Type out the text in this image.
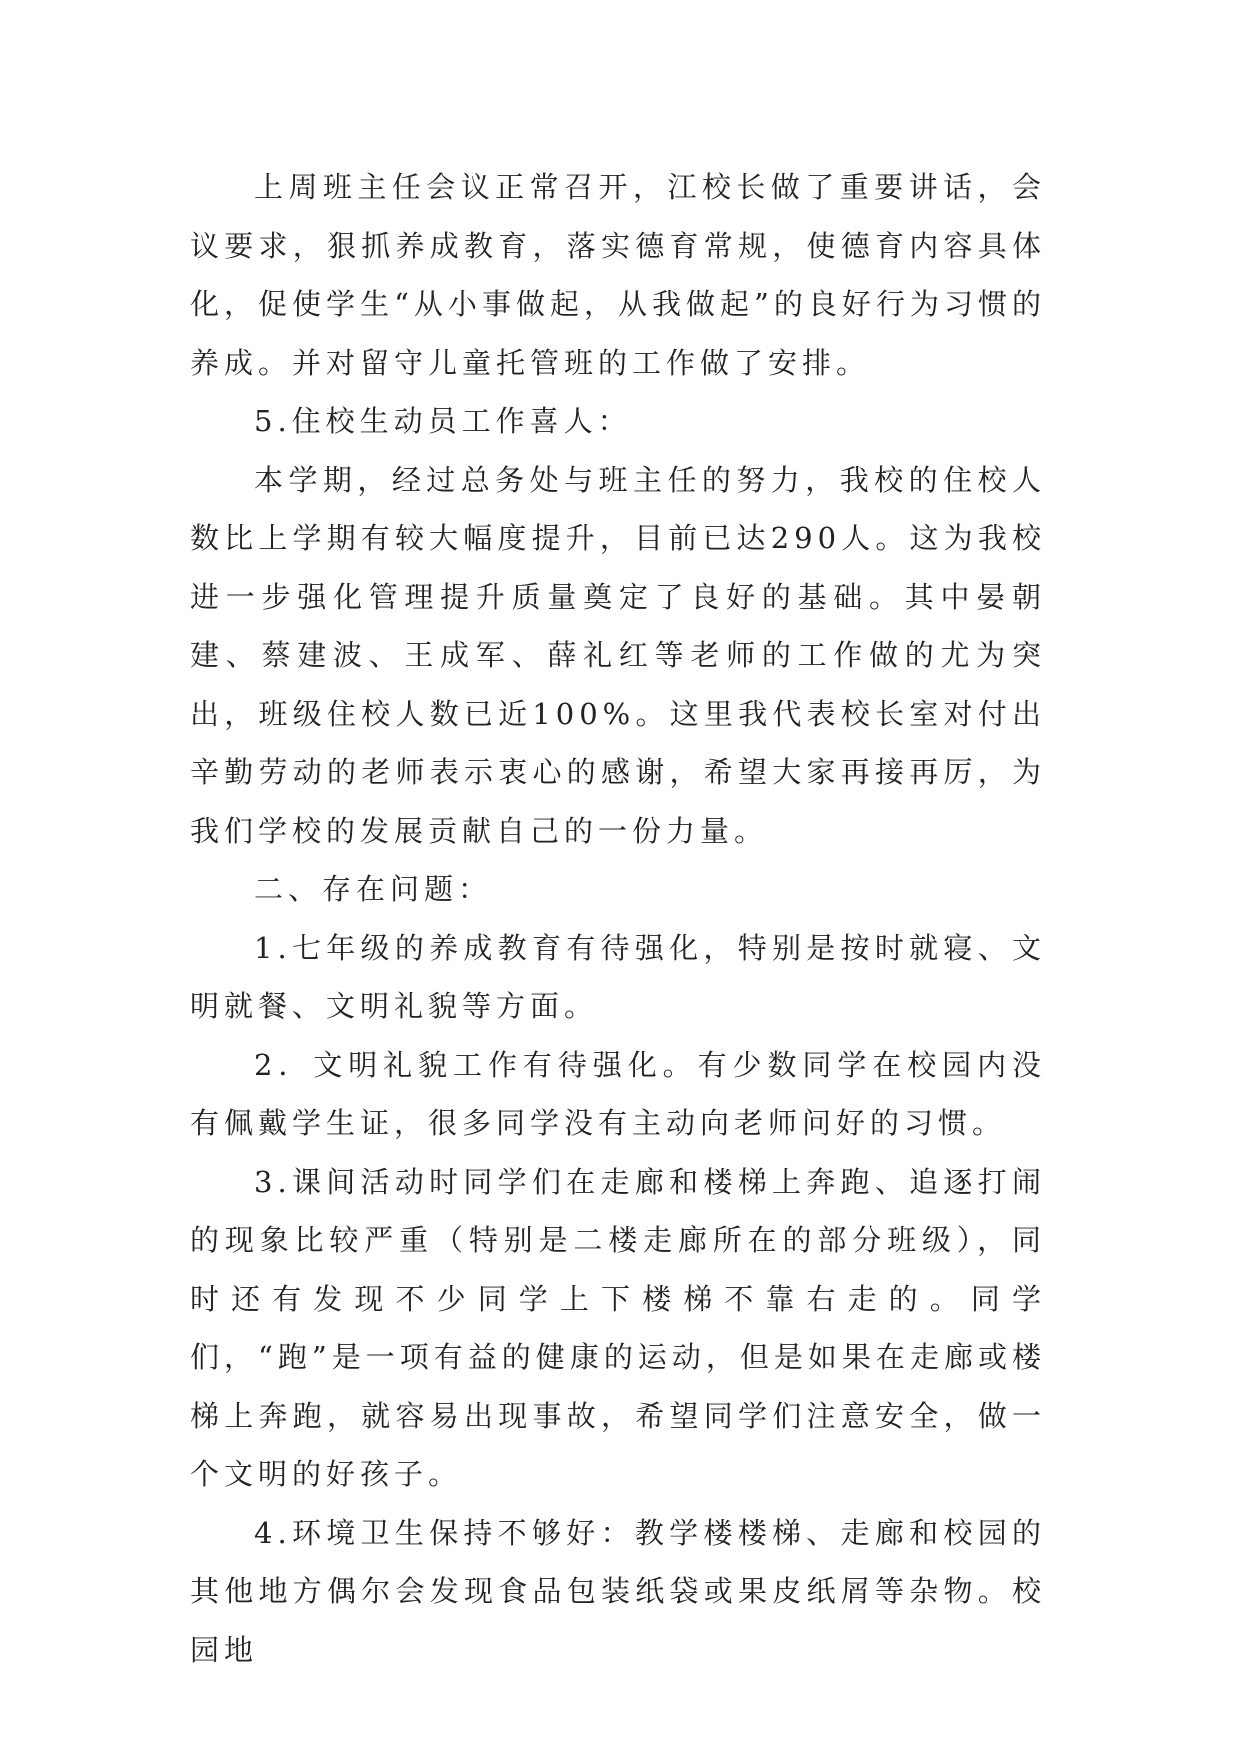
上周班主任会议正常召开，江校长做了重要讲话，会议要求，狠抓养成教育，落实德育常规，使德育内容具体化，促使学生“从小事做起，从我做起”的良好行为习惯的养成。并对留守儿童托管班的工作做了安排。

5.住校生动员工作喜人：

本学期，经过总务处与班主任的努力，我校的住校人数比上学期有较大幅度提升，目前已达290人。这为我校进一步强化管理提升质量奠定了良好的基础。其中晏朝建、蔡建波、王成军、薛礼红等老师的工作做的尤为突出，班级住校人数已近100%。这里我代表校长室对付出辛勤劳动的老师表示衷心的感谢，希望大家再接再厉，为我们学校的发展贡献自己的一份力量。

二、存在问题：

1.七年级的养成教育有待强化，特别是按时就寝、文明就餐、文明礼貌等方面。

2．文明礼貌工作有待强化。有少数同学在校园内没有佩戴学生证，很多同学没有主动向老师问好的习惯。

3.课间活动时同学们在走廊和楼梯上奔跑、追逐打闹的现象比较严重（特别是二楼走廊所在的部分班级），同时还有发现不少同学上下楼梯不靠右走的。同学们，“跑”是一项有益的健康的运动，但是如果在走廊或楼梯上奔跑，就容易出现事故，希望同学们注意安全，做一个文明的好孩子。

4.环境卫生保持不够好：教学楼楼梯、走廊和校园的其他地方偶尔会发现食品包装纸袋或果皮纸屑等杂物。校园地
